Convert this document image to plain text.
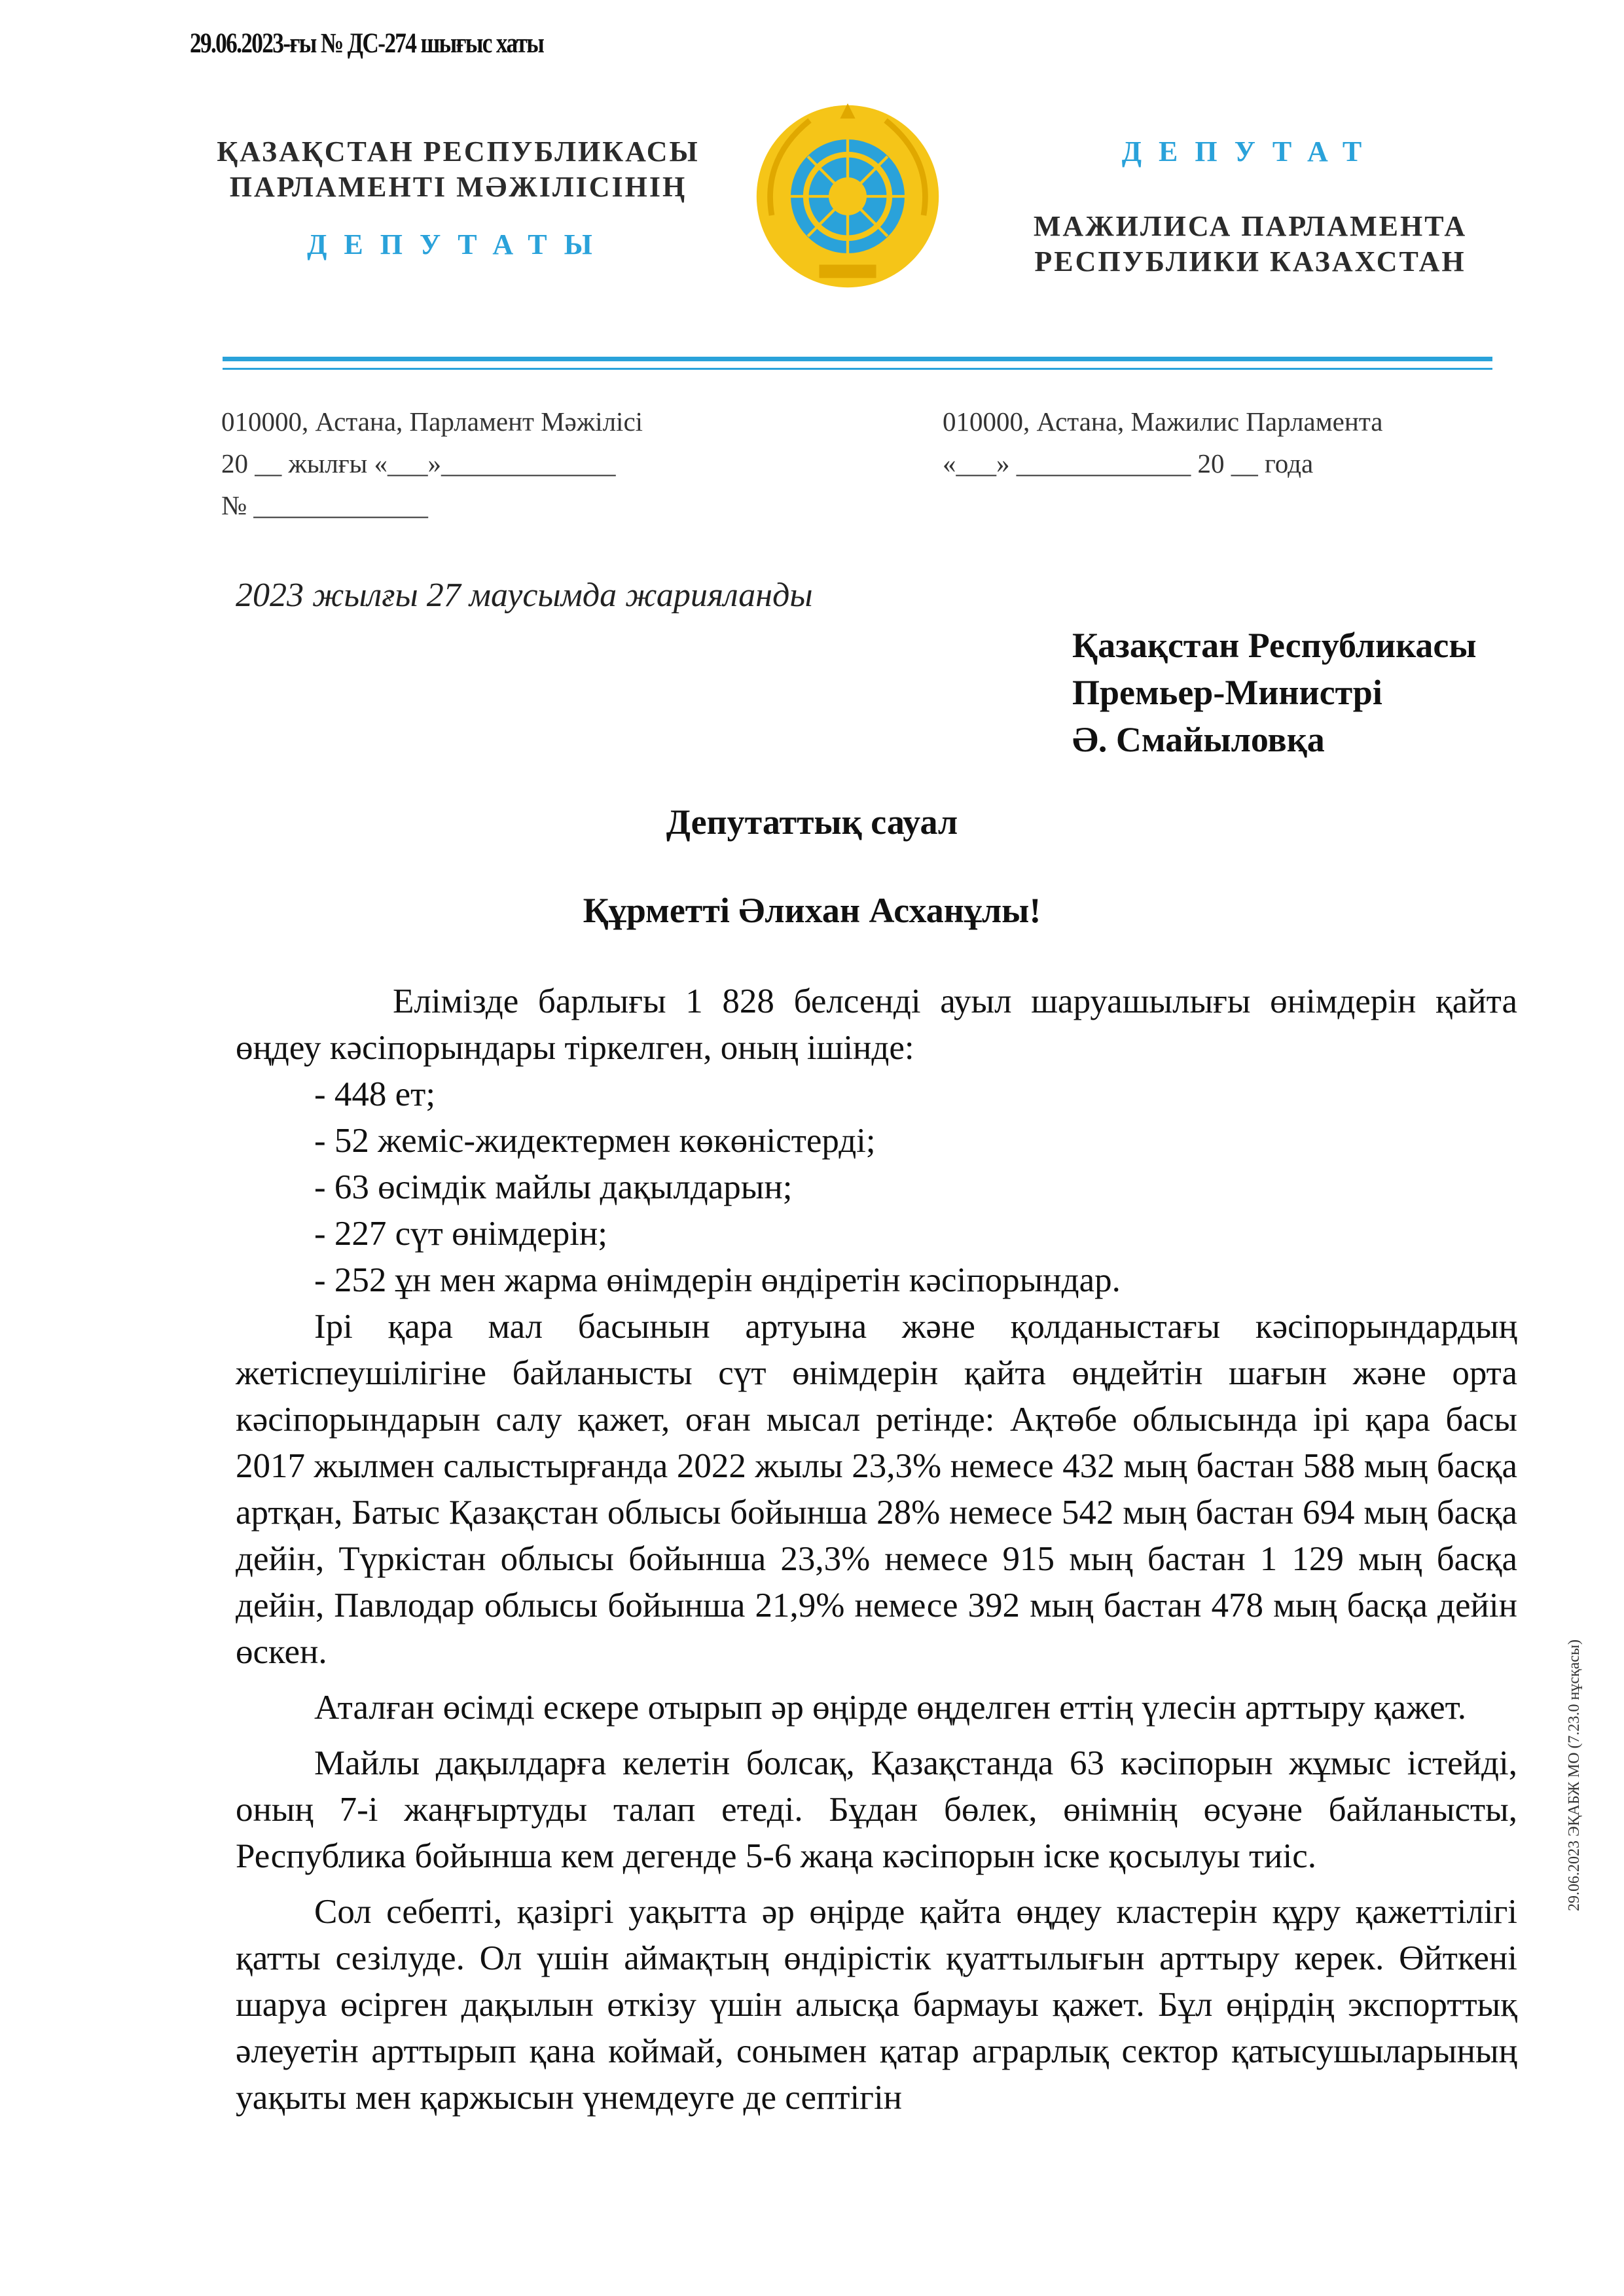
29.06.2023-ғы № ДС-274 шығыс хаты
ҚАЗАҚСТАН РЕСПУБЛИКАСЫ
ПАРЛАМЕНТІ МӘЖІЛІСІНІҢ
ДЕПУТАТЫ
ДЕПУТАТ
МАЖИЛИСА ПАРЛАМЕНТА
РЕСПУБЛИКИ КАЗАХСТАН
010000, Астана, Парламент Мәжілісі
20 __ жылғы «___»_____________
№ _____________
010000, Астана, Мажилис Парламента
«___» _____________ 20 __ года
2023 жылғы 27 маусымда жарияланды
Қазақстан Республикасы
Премьер-Министрі
Ә. Смайыловқа
Депутаттық сауал
Құрметті Әлихан Асханұлы!

Елімізде барлығы 1 828 белсенді ауыл шаруашылығы өнімдерін қайта өңдеу кәсіпорындары тіркелген, оның ішінде:

- 448 ет;
- 52 жеміс-жидектермен көкөністерді;
- 63 өсімдік майлы дақылдарын;
- 227 сүт өнімдерін;
- 252 ұн мен жарма өнімдерін өндіретін кәсіпорындар.

Ірі қара мал басынын артуына және қолданыстағы кәсіпорындардың жетіспеушілігіне байланысты сүт өнімдерін қайта өңдейтін шағын және орта кәсіпорындарын салу қажет, оған мысал ретінде: Ақтөбе облысында ірі қара басы 2017 жылмен салыстырғанда 2022 жылы 23,3% немесе 432 мың бастан 588 мың басқа артқан, Батыс Қазақстан облысы бойынша 28% немесе 542 мың бастан 694 мың басқа дейін, Түркістан облысы бойынша 23,3% немесе 915 мың бастан 1 129 мың басқа дейін, Павлодар облысы бойынша 21,9% немесе 392 мың бастан 478 мың басқа дейін өскен.

Аталған өсімді ескере отырып әр өңірде өңделген еттің үлесін арттыру қажет.

Майлы дақылдарға келетін болсақ, Қазақстанда 63 кәсіпорын жұмыс істейді, оның 7-і жаңғыртуды талап етеді. Бұдан бөлек, өнімнің өсуәне байланысты, Республика бойынша кем дегенде 5-6 жаңа кәсіпорын іске қосылуы тиіс.

Сол себепті, қазіргі уақытта әр өңірде қайта өңдеу кластерін құру қажеттілігі қатты сезілуде. Ол үшін аймақтың өндірістік қуаттылығын арттыру керек. Өйткені шаруа өсірген дақылын өткізу үшін алысқа бармауы қажет. Бұл өңірдің экспорттық әлеуетін арттырып қана коймай, сонымен қатар аграрлық сектор қатысушыларының уақыты мен қаржысын үнемдеуге де септігін

29.06.2023 ЭҚАБЖ МО (7.23.0 нұсқасы)
